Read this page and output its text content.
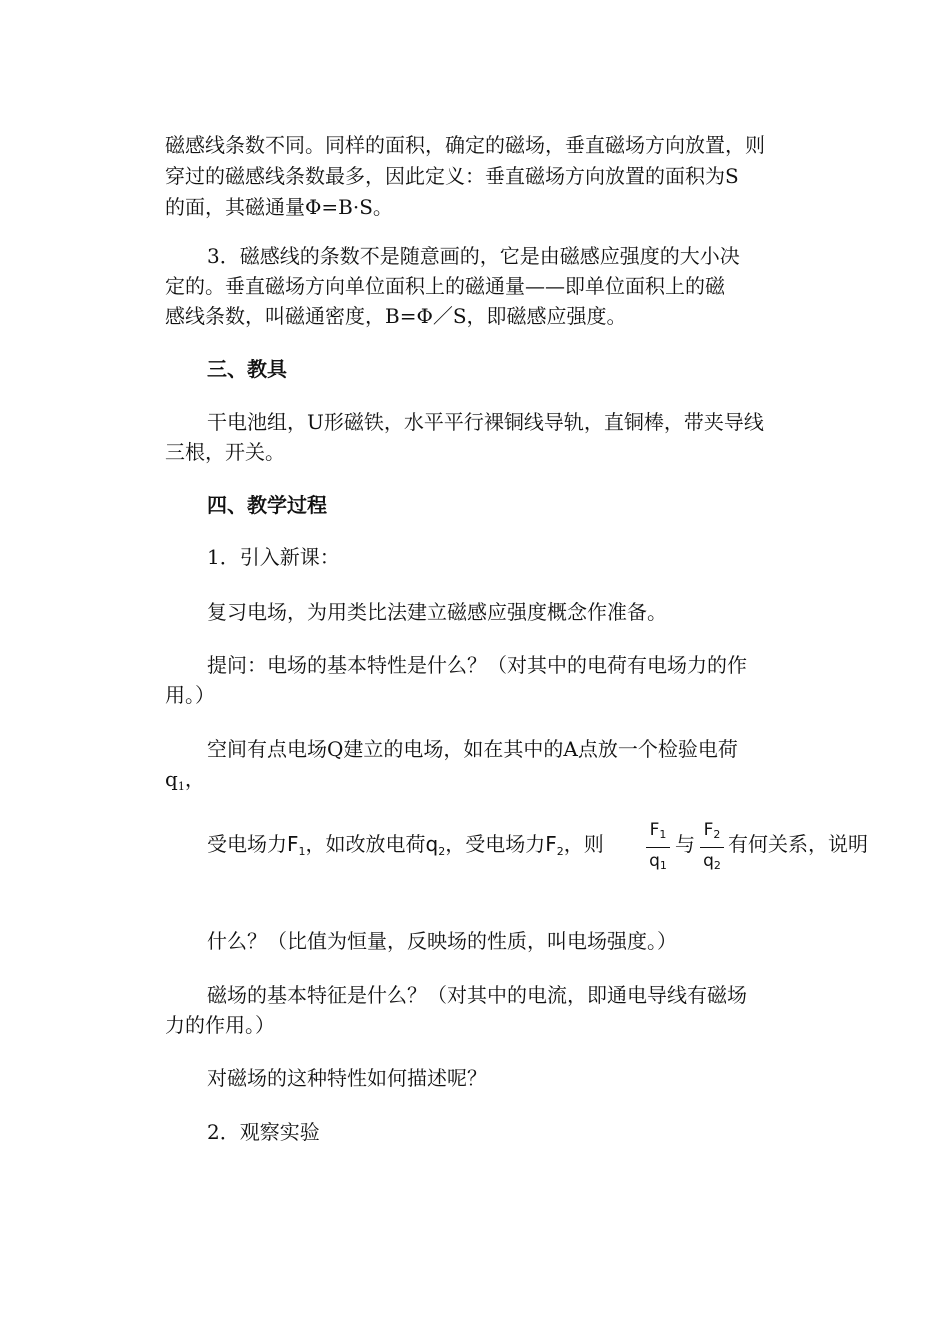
磁感线条数不同。同样的面积，确定的磁场，垂直磁场方向放置，则
穿过的磁感线条数最多，因此定义：垂直磁场方向放置的面积为S
的面，其磁通量Φ=B·S。
3．磁感线的条数不是随意画的，它是由磁感应强度的大小决
定的。垂直磁场方向单位面积上的磁通量——即单位面积上的磁
感线条数，叫磁通密度，B=Φ／S，即磁感应强度。
三、教具
干电池组，U形磁铁，水平平行裸铜线导轨，直铜棒，带夹导线
三根，开关。
四、教学过程
1．引入新课：
复习电场，为用类比法建立磁感应强度概念作准备。
提问：电场的基本特性是什么？（对其中的电荷有电场力的作
用。）
空间有点电场Q建立的电场，如在其中的A点放一个检验电荷
$q_1$，
受电场力$F_1$，如改放电荷$q_2$，受电场力$F_2$，则
$F_1$
$q_1$
与
$F_2$
$q_2$
有何关系，说明
什么？（比值为恒量，反映场的性质，叫电场强度。）
磁场的基本特征是什么？（对其中的电流，即通电导线有磁场
力的作用。）
对磁场的这种特性如何描述呢？
2．观察实验
